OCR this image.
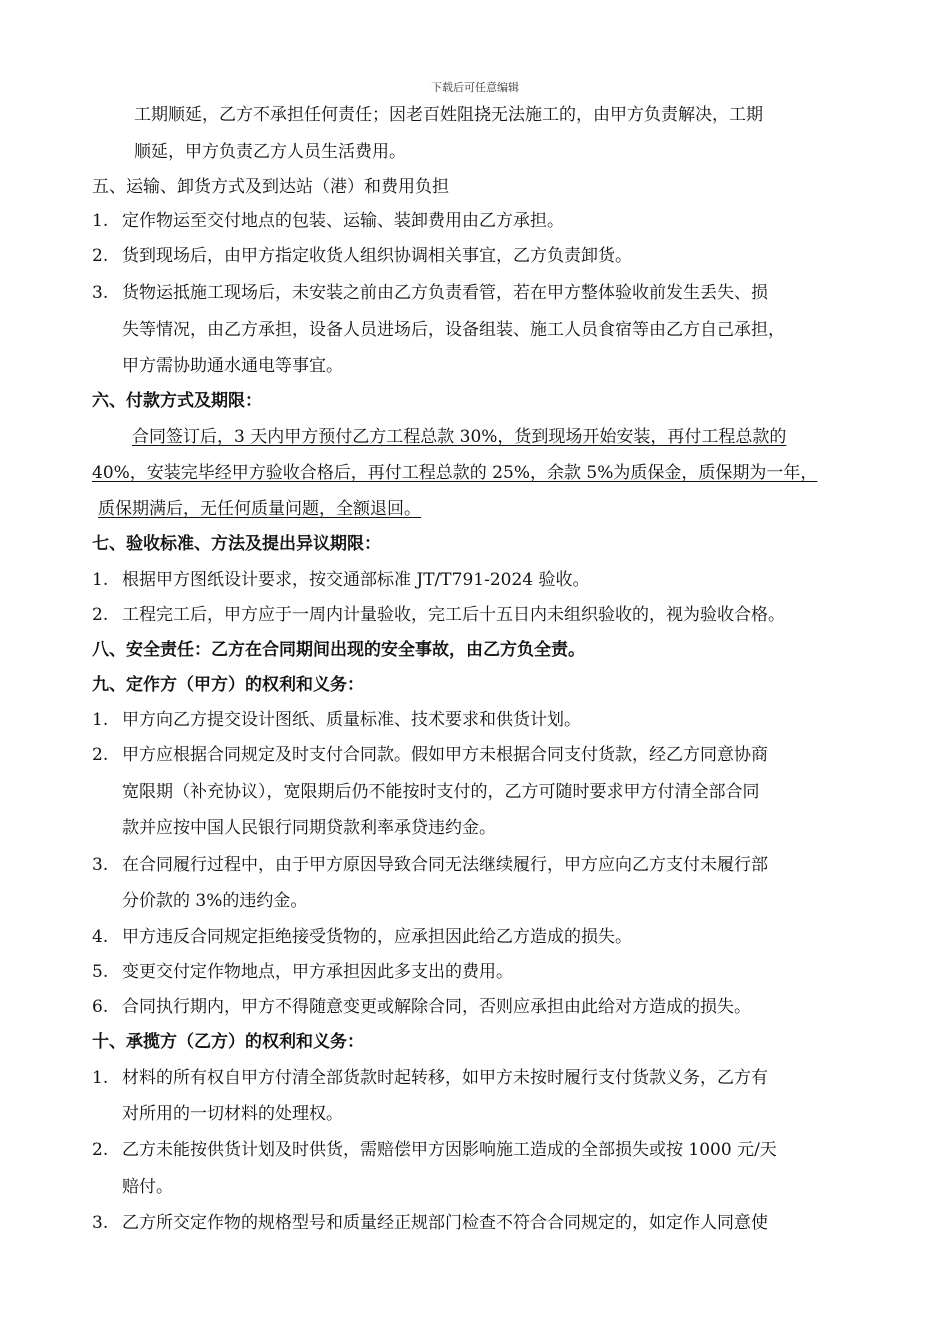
下载后可任意编辑
工期顺延，乙方不承担任何责任；因老百姓阻挠无法施工的，由甲方负责解决，工期
顺延，甲方负责乙方人员生活费用。
五、运输、卸货方式及到达站（港）和费用负担
1. 定作物运至交付地点的包装、运输、装卸费用由乙方承担。
2. 货到现场后，由甲方指定收货人组织协调相关事宜，乙方负责卸货。
3. 货物运抵施工现场后，未安装之前由乙方负责看管，若在甲方整体验收前发生丢失、损
失等情况，由乙方承担，设备人员进场后，设备组装、施工人员食宿等由乙方自己承担，
甲方需协助通水通电等事宜。
六、付款方式及期限：
合同签订后，3 天内甲方预付乙方工程总款 30%，货到现场开始安装，再付工程总款的
40%，安装完毕经甲方验收合格后，再付工程总款的 25%，余款 5%为质保金，质保期为一年，
质保期满后，无任何质量问题，全额退回。
七、验收标准、方法及提出异议期限：
1. 根据甲方图纸设计要求，按交通部标准 JT/T791-2024 验收。
2. 工程完工后，甲方应于一周内计量验收，完工后十五日内未组织验收的，视为验收合格。
八、安全责任：乙方在合同期间出现的安全事故，由乙方负全责。
九、定作方（甲方）的权利和义务：
1. 甲方向乙方提交设计图纸、质量标准、技术要求和供货计划。
2. 甲方应根据合同规定及时支付合同款。假如甲方未根据合同支付货款，经乙方同意协商
宽限期（补充协议），宽限期后仍不能按时支付的，乙方可随时要求甲方付清全部合同
款并应按中国人民银行同期贷款利率承贷违约金。
3. 在合同履行过程中，由于甲方原因导致合同无法继续履行，甲方应向乙方支付未履行部
分价款的 3%的违约金。
4. 甲方违反合同规定拒绝接受货物的，应承担因此给乙方造成的损失。
5. 变更交付定作物地点，甲方承担因此多支出的费用。
6. 合同执行期内，甲方不得随意变更或解除合同，否则应承担由此给对方造成的损失。
十、承揽方（乙方）的权利和义务：
1. 材料的所有权自甲方付清全部货款时起转移，如甲方未按时履行支付货款义务，乙方有
对所用的一切材料的处理权。
2. 乙方未能按供货计划及时供货，需赔偿甲方因影响施工造成的全部损失或按 1000 元/天
赔付。
3. 乙方所交定作物的规格型号和质量经正规部门检查不符合合同规定的，如定作人同意使
